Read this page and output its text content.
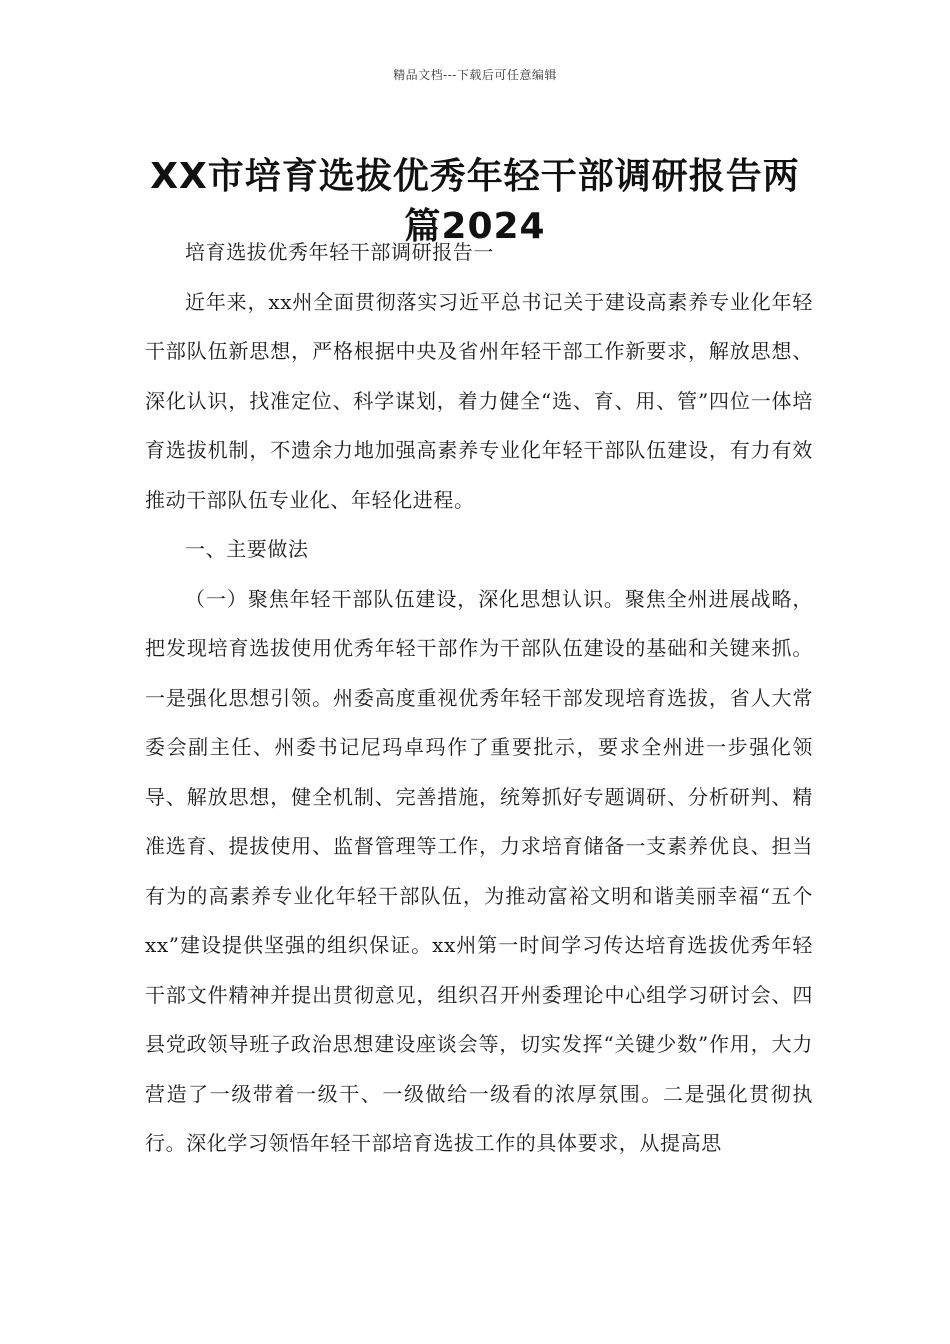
精品文档---下载后可任意编辑
XX市培育选拔优秀年轻干部调研报告两
篇2024

培育选拔优秀年轻干部调研报告一

近年来，xx州全面贯彻落实习近平总书记关于建设高素养专业化年轻干部队伍新思想，严格根据中央及省州年轻干部工作新要求，解放思想、深化认识，找准定位、科学谋划，着力健全“选、育、用、管”四位一体培育选拔机制，不遗余力地加强高素养专业化年轻干部队伍建设，有力有效推动干部队伍专业化、年轻化进程。

一、主要做法

（一）聚焦年轻干部队伍建设，深化思想认识。聚焦全州进展战略，把发现培育选拔使用优秀年轻干部作为干部队伍建设的基础和关键来抓。一是强化思想引领。州委高度重视优秀年轻干部发现培育选拔，省人大常委会副主任、州委书记尼玛卓玛作了重要批示，要求全州进一步强化领导、解放思想，健全机制、完善措施，统筹抓好专题调研、分析研判、精准选育、提拔使用、监督管理等工作，力求培育储备一支素养优良、担当有为的高素养专业化年轻干部队伍，为推动富裕文明和谐美丽幸福“五个xx”建设提供坚强的组织保证。xx州第一时间学习传达培育选拔优秀年轻干部文件精神并提出贯彻意见，组织召开州委理论中心组学习研讨会、四县党政领导班子政治思想建设座谈会等，切实发挥“关键少数”作用，大力营造了一级带着一级干、一级做给一级看的浓厚氛围。二是强化贯彻执行。深化学习领悟年轻干部培育选拔工作的具体要求，从提高思
